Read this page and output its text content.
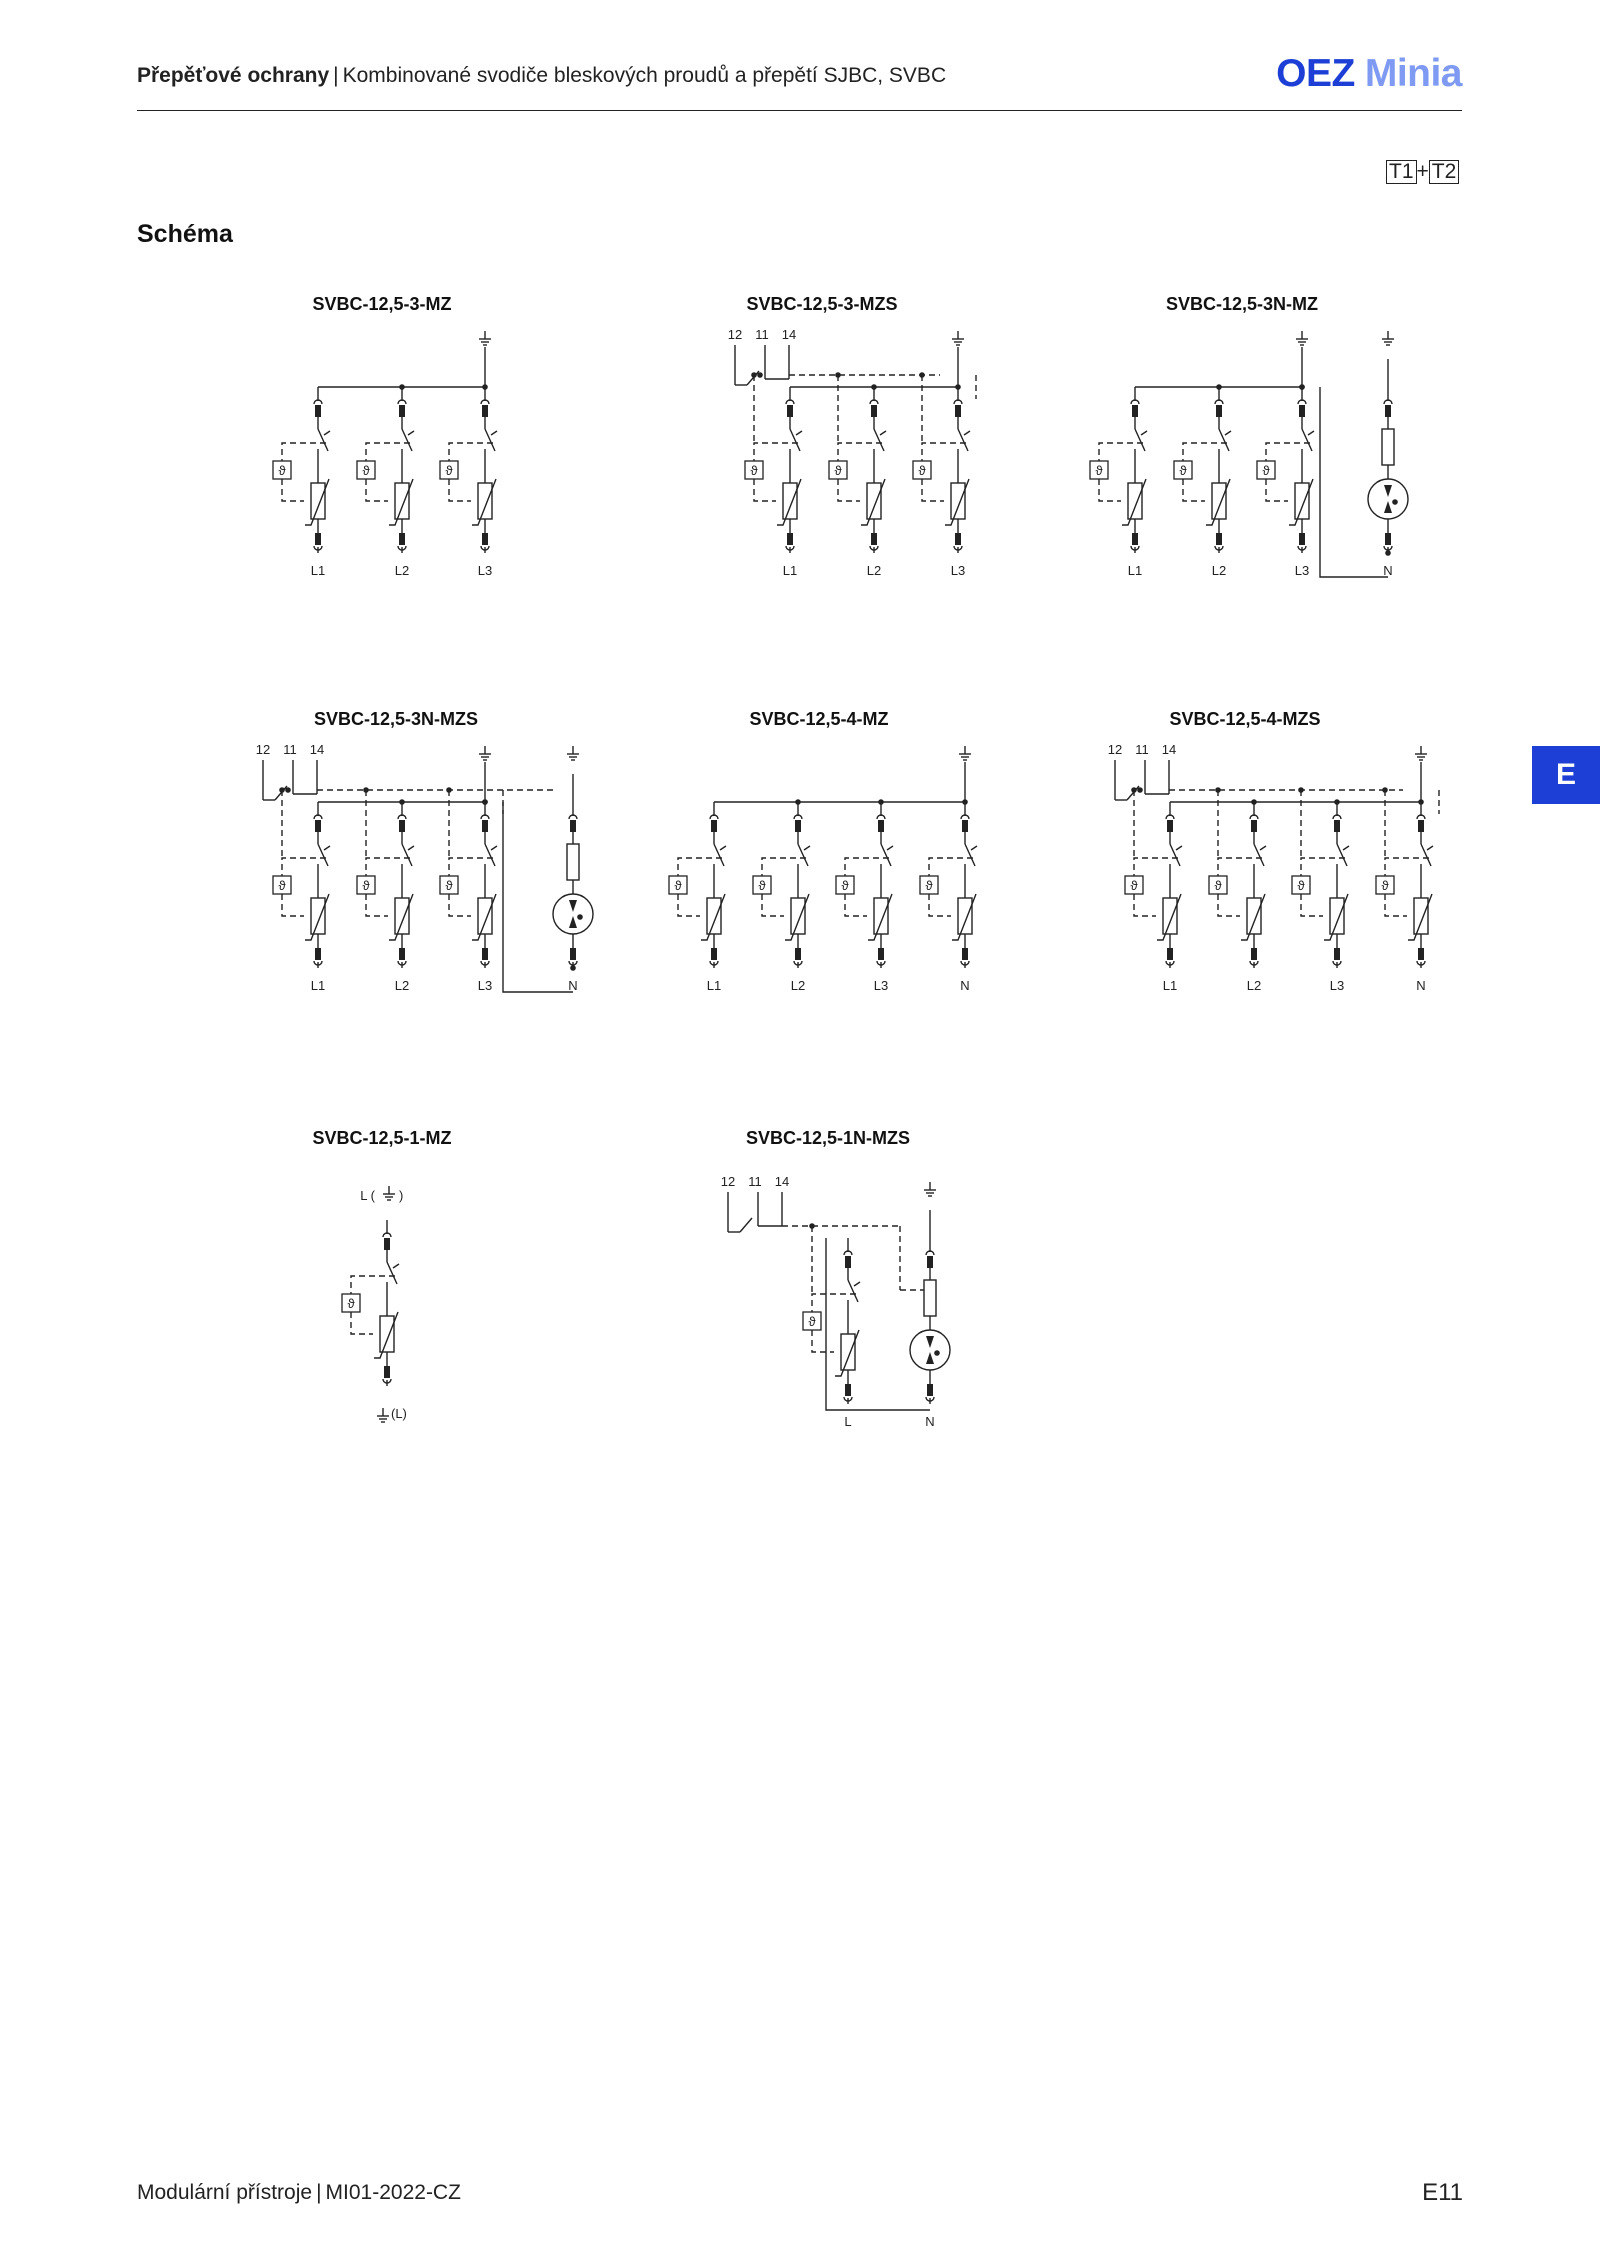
Přepěťové ochrany | Kombinované svodiče bleskových proudů a přepětí SJBC, SVBC	OEZ Minia
T1 + T2
Schéma
E
SVBC-12,5-3-MZ	SVBC-12,5-3-MZS	SVBC-12,5-3N-MZ
SVBC-12,5-3N-MZS	SVBC-12,5-4-MZ	SVBC-12,5-4-MZS
SVBC-12,5-1-MZ	SVBC-12,5-1N-MZS
ϑ
L1
ϑ
L2
ϑ
L3
ϑ
L1
ϑ
L2
ϑ
L3
12 11 14
ϑ
L1
ϑ
L2
ϑ
L3	N
ϑ
L1
ϑ
L2
ϑ
L3
12 11 14
N
ϑ
L1
ϑ
L2
ϑ
L3
ϑ
N
ϑ
L1
ϑ
L2
ϑ
L3
ϑ
N
12 11 14
L ( )
ϑ
(L)
12 11 14
ϑ
L	N
Modulární přístroje | MI01-2022-CZ	E11
